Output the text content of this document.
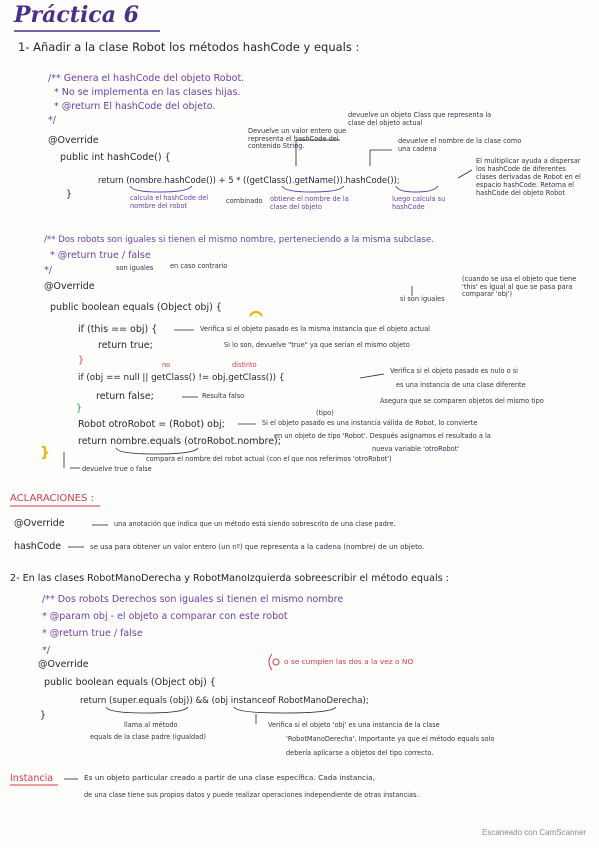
Práctica 6
1- Añadir a la clase Robot los métodos hashCode y equals :
/** Genera el hashCode del objeto Robot.
* No se implementa en las clases hijas.
* @return El hashCode del objeto.
*/
Devuelve un valor entero que representa el hashCode del contenido String.
devuelve un objeto Class que representa la clase del objeto actual
devuelve el nombre de la clase como una cadena
@Override
public int hashCode() {	El multiplicar ayuda a dispersar los hashCode de diferentes clases derivadas de Robot en el espacio hashCode. Retorna el hashCode del objeto Robot
return (nombre.hashCode()) + 5 * ((getClass().getName()).hashCode());
}	calcula el hashCode del nombre del robot
combinado obtiene el nombre de la clase del objeto
luego calcula su hashCode
/** Dos robots son iguales si tienen el mismo nombre, perteneciendo a la misma subclase.
* @return true / false
son iguales	en caso contrario
*/
@Override
(cuando se usa el objeto que tiene 'this' es igual al que se pasa para comparar 'obj')
si son iguales
public boolean equals (Object obj) {
if (this == obj) {	Verifica si el objeto pasado es la misma instancia que el objeto actual
return true;	Si lo son, devuelve "true" ya que serían el mismo objeto
}	no	distinto
if (obj == null || getClass() != obj.getClass()) {
Verifica si el objeto pasado es nulo o si
es una instancia de una clase diferente
return false;	Resulta falso
Asegura que se comparen objetos del mismo tipo
}	(tipo)
Robot otroRobot = (Robot) obj;	Si el objeto pasado es una instancia válida de Robot, lo convierte
en un objeto de tipo 'Robot'. Después asignamos el resultado a la
return nombre.equals (otroRobot.nombre);
nueva variable 'otroRobot'
compara el nombre del robot actual (con el que nos referimos 'otroRobot')
}
devuelve true o false
ACLARACIONES :
@Override	una anotación que indica que un método está siendo sobrescrito de una clase padre.
hashCode	se usa para obtener un valor entero (un nº) que representa a la cadena (nombre) de un objeto.
2- En las clases RobotManoDerecha y RobotManoIzquierda sobreescribir el método equals :
/** Dos robots Derechos son iguales si tienen el mismo nombre
* @param obj - el objeto a comparar con este robot
* @return true / false
*/
@Override	o se cumplen las dos a la vez o NO
public boolean equals (Object obj) {
return (super.equals (obj)) && (obj instanceof RobotManoDerecha);
}
llama al método
equals de la clase padre (igualdad)
Verifica si el objeto 'obj' es una instancia de la clase
'RobotManoDerecha'. Importante ya que el método equals solo
debería aplicarse a objetos del tipo correcto.
Instancia	Es un objeto particular creado a partir de una clase específica. Cada instancia,
de una clase tiene sus propios datos y puede realizar operaciones independiente de otras instancias.
Escaneado con CamScanner
